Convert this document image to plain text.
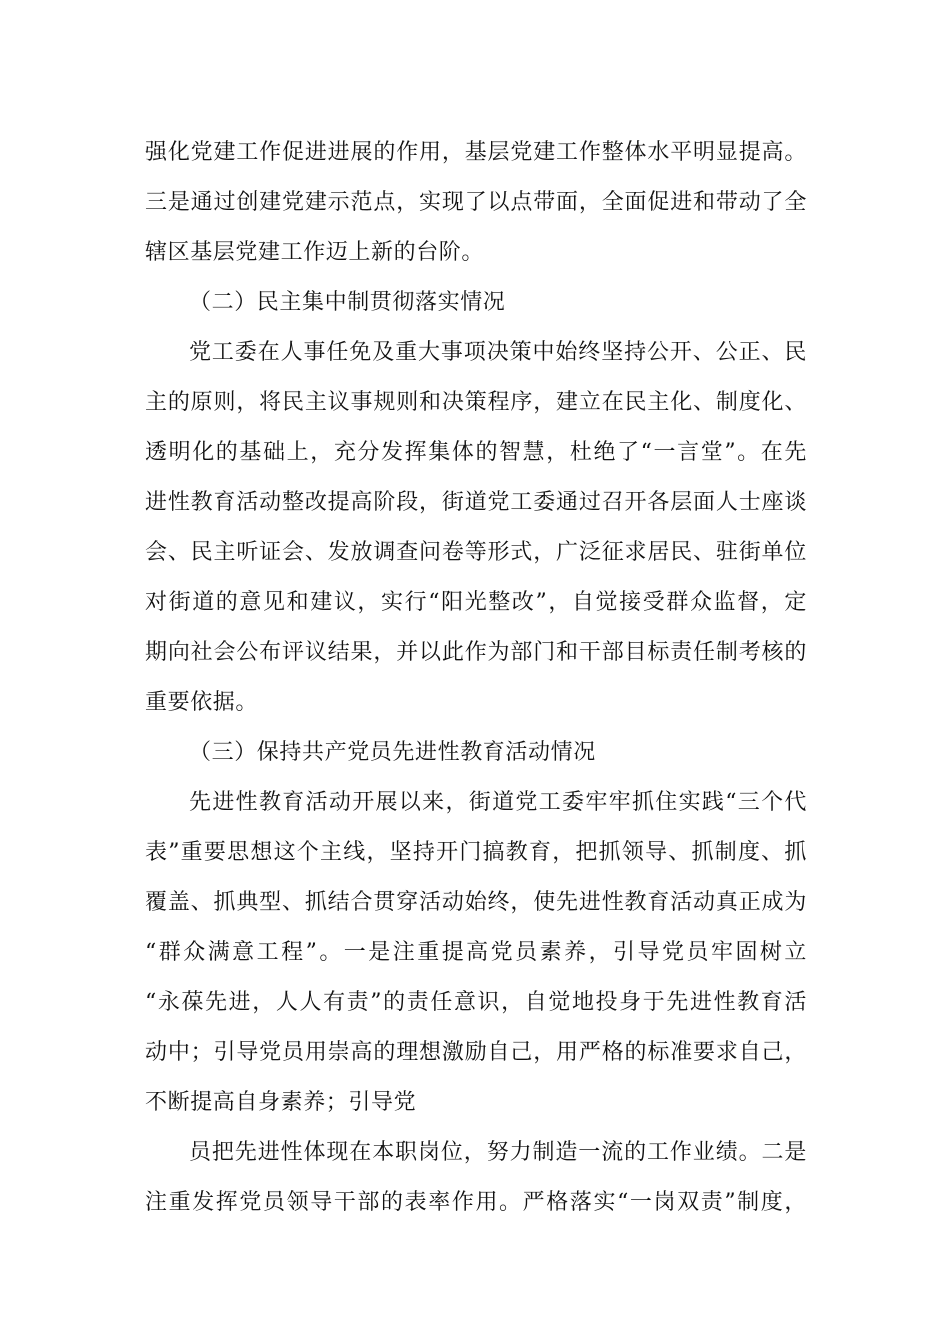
强化党建工作促进进展的作用，基层党建工作整体水平明显提高。
三是通过创建党建示范点，实现了以点带面，全面促进和带动了全
辖区基层党建工作迈上新的台阶。
（二）民主集中制贯彻落实情况
党工委在人事任免及重大事项决策中始终坚持公开、公正、民
主的原则，将民主议事规则和决策程序，建立在民主化、制度化、
透明化的基础上，充分发挥集体的智慧，杜绝了“一言堂”。在先
进性教育活动整改提高阶段，街道党工委通过召开各层面人士座谈
会、民主听证会、发放调查问卷等形式，广泛征求居民、驻街单位
对街道的意见和建议，实行“阳光整改”，自觉接受群众监督，定
期向社会公布评议结果，并以此作为部门和干部目标责任制考核的
重要依据。
（三）保持共产党员先进性教育活动情况
先进性教育活动开展以来，街道党工委牢牢抓住实践“三个代
表”重要思想这个主线，坚持开门搞教育，把抓领导、抓制度、抓
覆盖、抓典型、抓结合贯穿活动始终，使先进性教育活动真正成为
“群众满意工程”。一是注重提高党员素养，引导党员牢固树立
“永葆先进，人人有责”的责任意识，自觉地投身于先进性教育活
动中；引导党员用崇高的理想激励自己，用严格的标准要求自己，
不断提高自身素养；引导党
员把先进性体现在本职岗位，努力制造一流的工作业绩。二是
注重发挥党员领导干部的表率作用。严格落实“一岗双责”制度，
